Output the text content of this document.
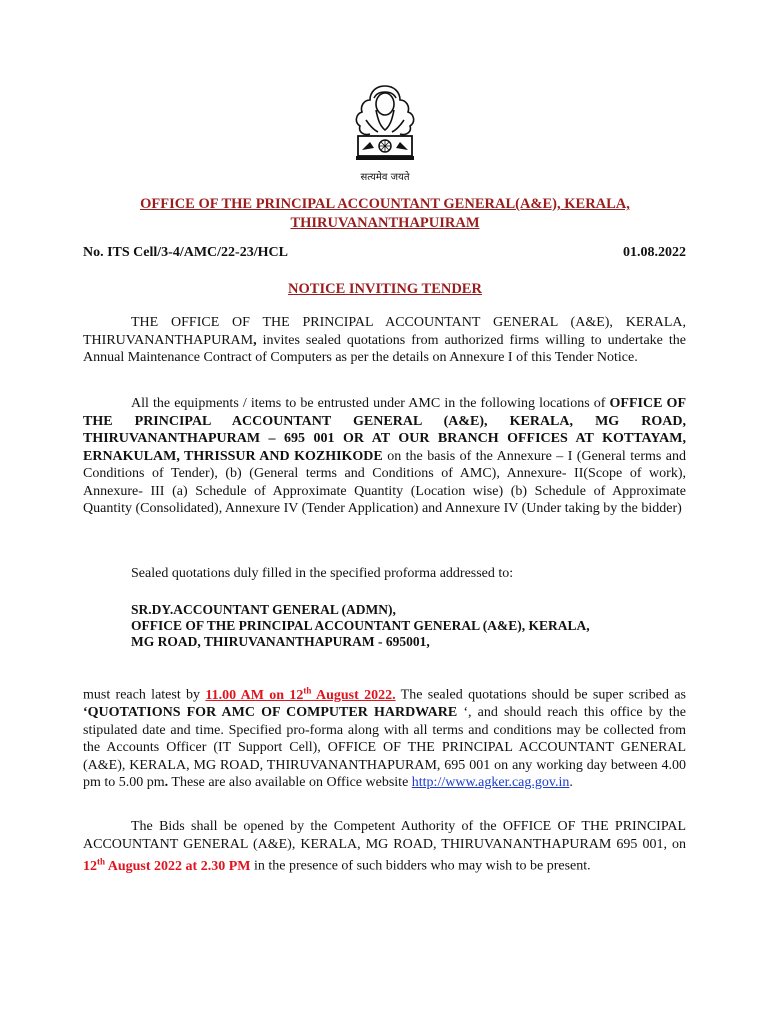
सत्यमेव जयते
OFFICE OF THE PRINCIPAL ACCOUNTANT GENERAL(A&E), KERALA,
THIRUVANANTHAPUIRAM
No. ITS Cell/3-4/AMC/22-23/HCL	01.08.2022
NOTICE INVITING TENDER
THE OFFICE OF THE PRINCIPAL ACCOUNTANT GENERAL (A&E), KERALA, THIRUVANANTHAPURAM, invites sealed quotations from authorized firms willing to undertake the Annual Maintenance Contract of Computers as per the details on Annexure I of this Tender Notice.
All the equipments / items to be entrusted under AMC in the following locations of OFFICE OF THE PRINCIPAL ACCOUNTANT GENERAL (A&E), KERALA, MG ROAD, THIRUVANANTHAPURAM – 695 001 OR AT OUR BRANCH OFFICES AT KOTTAYAM, ERNAKULAM, THRISSUR AND KOZHIKODE on the basis of the Annexure – I (General terms and Conditions of Tender), (b) (General terms and Conditions of AMC), Annexure- II(Scope of work), Annexure- III (a) Schedule of Approximate Quantity (Location wise) (b) Schedule of Approximate Quantity (Consolidated), Annexure IV (Tender Application) and Annexure IV (Under taking by the bidder)
Sealed quotations duly filled in the specified proforma addressed to:
SR.DY.ACCOUNTANT GENERAL (ADMN),
OFFICE OF THE PRINCIPAL ACCOUNTANT GENERAL (A&E), KERALA,
MG ROAD, THIRUVANANTHAPURAM - 695001,
must reach latest by 11.00 AM on 12th August 2022. The sealed quotations should be super scribed as ‘QUOTATIONS FOR AMC OF COMPUTER HARDWARE ‘, and should reach this office by the stipulated date and time. Specified pro-forma along with all terms and conditions may be collected from the Accounts Officer (IT Support Cell), OFFICE OF THE PRINCIPAL ACCOUNTANT GENERAL (A&E), KERALA, MG ROAD, THIRUVANANTHAPURAM, 695 001 on any working day between 4.00 pm to 5.00 pm. These are also available on Office website http://www.agker.cag.gov.in.
The Bids shall be opened by the Competent Authority of the OFFICE OF THE PRINCIPAL ACCOUNTANT GENERAL (A&E), KERALA, MG ROAD, THIRUVANANTHAPURAM 695 001, on 12th August 2022 at 2.30 PM in the presence of such bidders who may wish to be present.
